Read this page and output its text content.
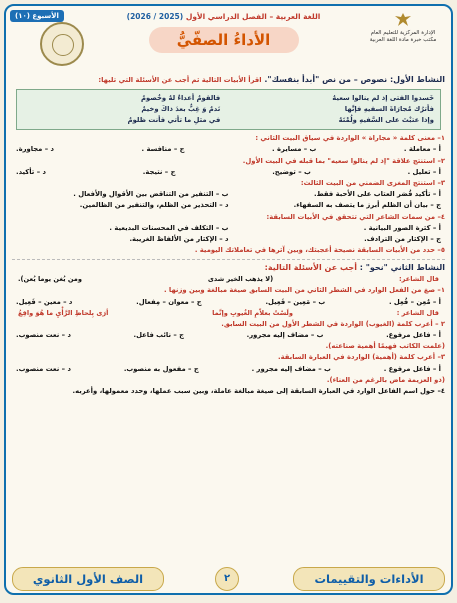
الإدارة المركزية للتعليم العام
مكتب خبرة مادة اللغة العربية
اللغة العربية – الفصل الدراسي الأول (2025 / 2026)
الأداءُ الصفّيُّ
الأسبوع (١٠)
النشاط الأول: نصوص – من نص "أبدأ بنفسك". اقرأ الأبيات التالية ثم أجب عن الأسئلة التي تليها:
خَسدوا الفتى إذ لم ينالوا سعيهُ
فالقومُ أعداءٌ لهُ وخُصومُ
فأترُك مُجارَاةَ السفيهِ فإنَّها
نَدمٌ وَ غِبٌّ بعدَ ذاكَ وخيمُ
وإذا عتبْتَ على السَّفيهِ ولُمْتَهُ
في مثلِ ما تأتي فأنت ظلومُ
١– معنى كلمة « مجاراة » الواردة في سياق البيت الثاني :
أ – معاملة .
ب – مسايرة .
ج – منافسة .
د – مجاورة.
٢– استنتج علاقة "إذ لم ينالوا سعيه" بما قبله في البيت الأول.
أ – تعليل .
ب – توضيح.
ج – نتيجة.
د – تأكيد.
٣– استنتج المغزى الضمني من البيت الثالث:
أ – تأكيد قُصَر العتاب على الأحبة فقط.
ب – التنفير من التناقض بين الأقوال والأفعال .
ج – بيان أن الظلم أبرز ما يتصف به السفهاء.
د – التحذير من الظلم، والتنفير من الظالمين.
٤– من سمات الشاعر التي تتحقق في الأبيات السابقة:
أ – كثرة الصور البيانية .
ب – التكلف في المحسنات البديعية .
ج – الإكثار من الترادف.
د – الإكثار من الألفاظ الغريبة.
٥– حدد من الأبيات السابقة نصيحة أعجبتك، وبين آثرها في تعاملاتك اليومية .
النشاط الثاني "نحو" : أجب عن الأسئلة التالية:
قال الشاعر:
(لا يذهب الخير شدى
ومن يُغن يوما يُعن).
١– صغ من الفعل الوارد في الشطر الثاني من البيت السابق صيغة مبالغة وبين وزنها .
أ – مُعِن – فُعِل .
ب – مَعِين – فَعِيل.
ج – معوان – مِفعال.
د – معين – فَعِيل.
قال الشاعر :
ولَسْتُ بعلاّمِ الغُيوبِ وإنَّما
أرَى بِلحاظِ الرَّأْيِ ما هُوَ واقِعُ
٢ – أعرب كلمة (الغيوب) الواردة في الشطر الأول من البيت السابق.
أ – فاعل مرفوع.
ب – مضاف إليه مجرور.
ج – نائب فاعل.
د – نعت منصوب.
(علمت الكاتب فهيمًا أهمية صناعته).
٣– أعرب كلمة (أهمية) الواردة في العبارة السابقة.
أ – فاعل مرفوع .
ب – مضاف إليه مجرور .
ج – مفعول به منصوب.
د – نعت منصوب.
(ذو العزيمة ماض بالرغم من العناء).
٤– حول اسم الفاعل الوارد في العبارة السابقة إلى صيغة مبالغة عاملة، وبين سبب عملها، وحدد معمولها، وأعربه.
الأداءات والتقييمات
٢
الصف الأول الثانوي
